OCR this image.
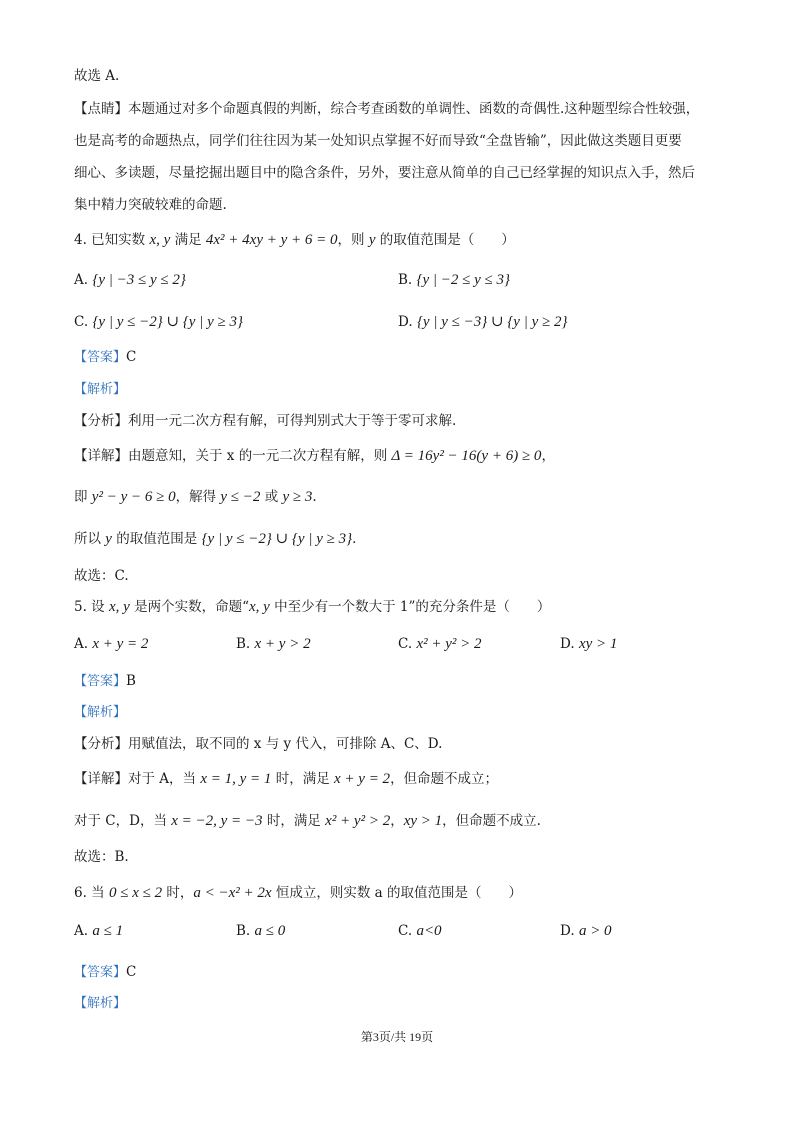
故选 A.
【点睛】本题通过对多个命题真假的判断，综合考查函数的单调性、函数的奇偶性.这种题型综合性较强，
也是高考的命题热点，同学们往往因为某一处知识点掌握不好而导致“全盘皆输”，因此做这类题目更要
细心、多读题，尽量挖掘出题目中的隐含条件，另外，要注意从简单的自己已经掌握的知识点入手，然后
集中精力突破较难的命题.
4. 已知实数 x, y 满足 4x² + 4xy + y + 6 = 0，则 y 的取值范围是（　　）
A. {y | −3 ≤ y ≤ 2}	B. {y | −2 ≤ y ≤ 3}
C. {y | y ≤ −2} ∪ {y | y ≥ 3}	D. {y | y ≤ −3} ∪ {y | y ≥ 2}
【答案】C
【解析】
【分析】利用一元二次方程有解，可得判别式大于等于零可求解.
【详解】由题意知，关于 x 的一元二次方程有解，则 Δ = 16y² − 16(y + 6) ≥ 0，
即 y² − y − 6 ≥ 0，解得 y ≤ −2 或 y ≥ 3.
所以 y 的取值范围是 {y | y ≤ −2} ∪ {y | y ≥ 3}.
故选：C.
5. 设 x, y 是两个实数，命题“x, y 中至少有一个数大于 1”的充分条件是（　　）
A. x + y = 2	B. x + y > 2	C. x² + y² > 2	D. xy > 1
【答案】B
【解析】
【分析】用赋值法，取不同的 x 与 y 代入，可排除 A、C、D.
【详解】对于 A，当 x = 1, y = 1 时，满足 x + y = 2，但命题不成立；
对于 C，D，当 x = −2, y = −3 时，满足 x² + y² > 2，xy > 1，但命题不成立.
故选：B.
6. 当 0 ≤ x ≤ 2 时，a < −x² + 2x 恒成立，则实数 a 的取值范围是（　　）
A. a ≤ 1	B. a ≤ 0	C. a<0	D. a > 0
【答案】C
【解析】
第3页/共 19页
